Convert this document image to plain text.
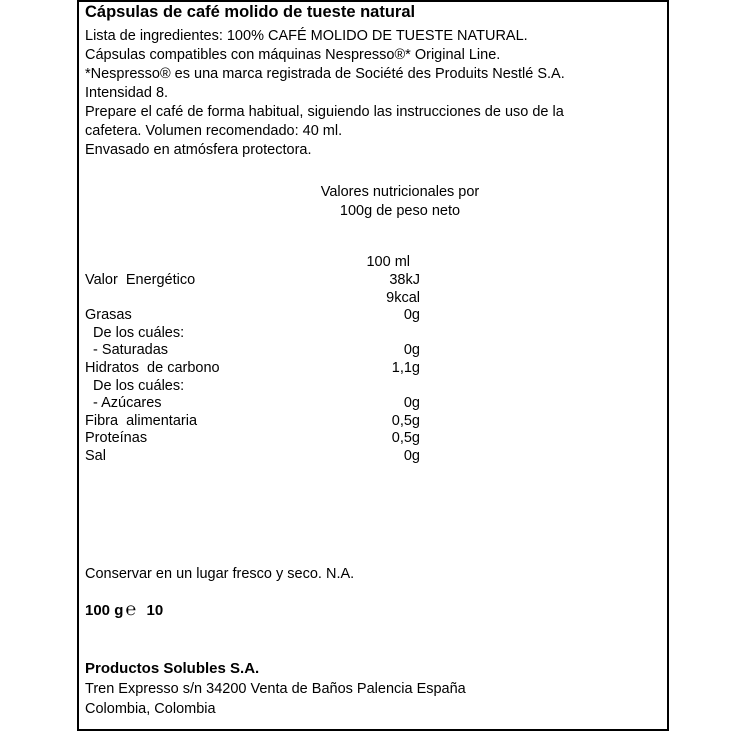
Cápsulas de café molido de tueste natural
Lista de ingredientes: 100% CAFÉ MOLIDO DE TUESTE NATURAL.
Cápsulas compatibles con máquinas Nespresso®* Original Line.
*Nespresso® es una marca registrada de Société des Produits Nestlé S.A.
Intensidad 8.
Prepare el café de forma habitual, siguiendo las instrucciones de uso de la
cafetera. Volumen recomendado: 40 ml.
Envasado en atmósfera protectora.
Valores nutricionales por
100g de peso neto
100 ml
Valor  Energético	38kJ
9kcal
Grasas	0g
De los cuáles:
- Saturadas	0g
Hidratos  de carbono	1,1g
De los cuáles:
- Azúcares	0g
Fibra  alimentaria	0,5g
Proteínas	0,5g
Sal	0g
Conservar en un lugar fresco y seco. N.A.
100 g ℮ 10
Productos Solubles S.A.
Tren Expresso s/n 34200 Venta de Baños Palencia España
Colombia, Colombia
